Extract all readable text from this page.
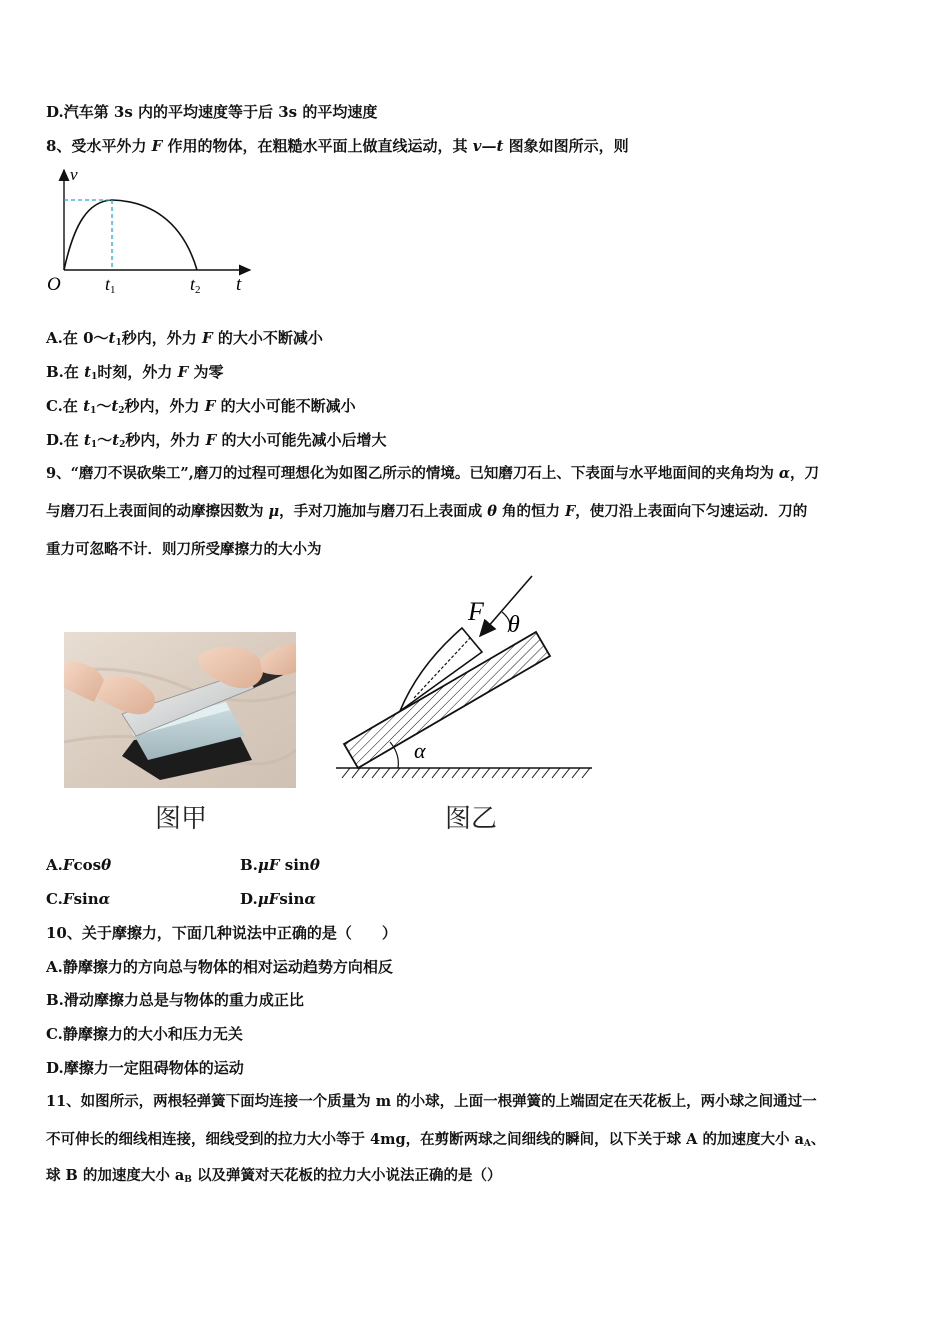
D.汽车第 3s 内的平均速度等于后 3s 的平均速度
8、受水平外力 F 作用的物体，在粗糙水平面上做直线运动，其 v—t 图象如图所示，则
v
O t1	t2 t
A.在 $0\sim t_1$秒内，外力 F 的大小不断减小
B.在 $t_1$时刻，外力 F 为零
C.在 $t_1\sim t_2$秒内，外力 F 的大小可能不断减小
D.在 $t_1\sim t_2$秒内，外力 F 的大小可能先减小后增大
9、“磨刀不误砍柴工”,磨刀的过程可理想化为如图乙所示的情境。已知磨刀石上、下表面与水平地面间的夹角均为 α，刀
与磨刀石上表面间的动摩擦因数为 μ，手对刀施加与磨刀石上表面成 θ 角的恒力 F，使刀沿上表面向下匀速运动．刀的
重力可忽略不计．则刀所受摩擦力的大小为
图甲
F θ
α
图乙
A.Fcosθ	B.μF sinθ
C.Fsinα	D.μFsinα
10、关于摩擦力，下面几种说法中正确的是（　　）
A.静摩擦力的方向总与物体的相对运动趋势方向相反
B.滑动摩擦力总是与物体的重力成正比
C.静摩擦力的大小和压力无关
D.摩擦力一定阻碍物体的运动
11、如图所示，两根轻弹簧下面均连接一个质量为 m 的小球，上面一根弹簧的上端固定在天花板上，两小球之间通过一
不可伸长的细线相连接，细线受到的拉力大小等于 4mg，在剪断两球之间细线的瞬间，以下关于球 A 的加速度大小 $a_A$、
球 B 的加速度大小 $a_B$ 以及弹簧对天花板的拉力大小说法正确的是（）
